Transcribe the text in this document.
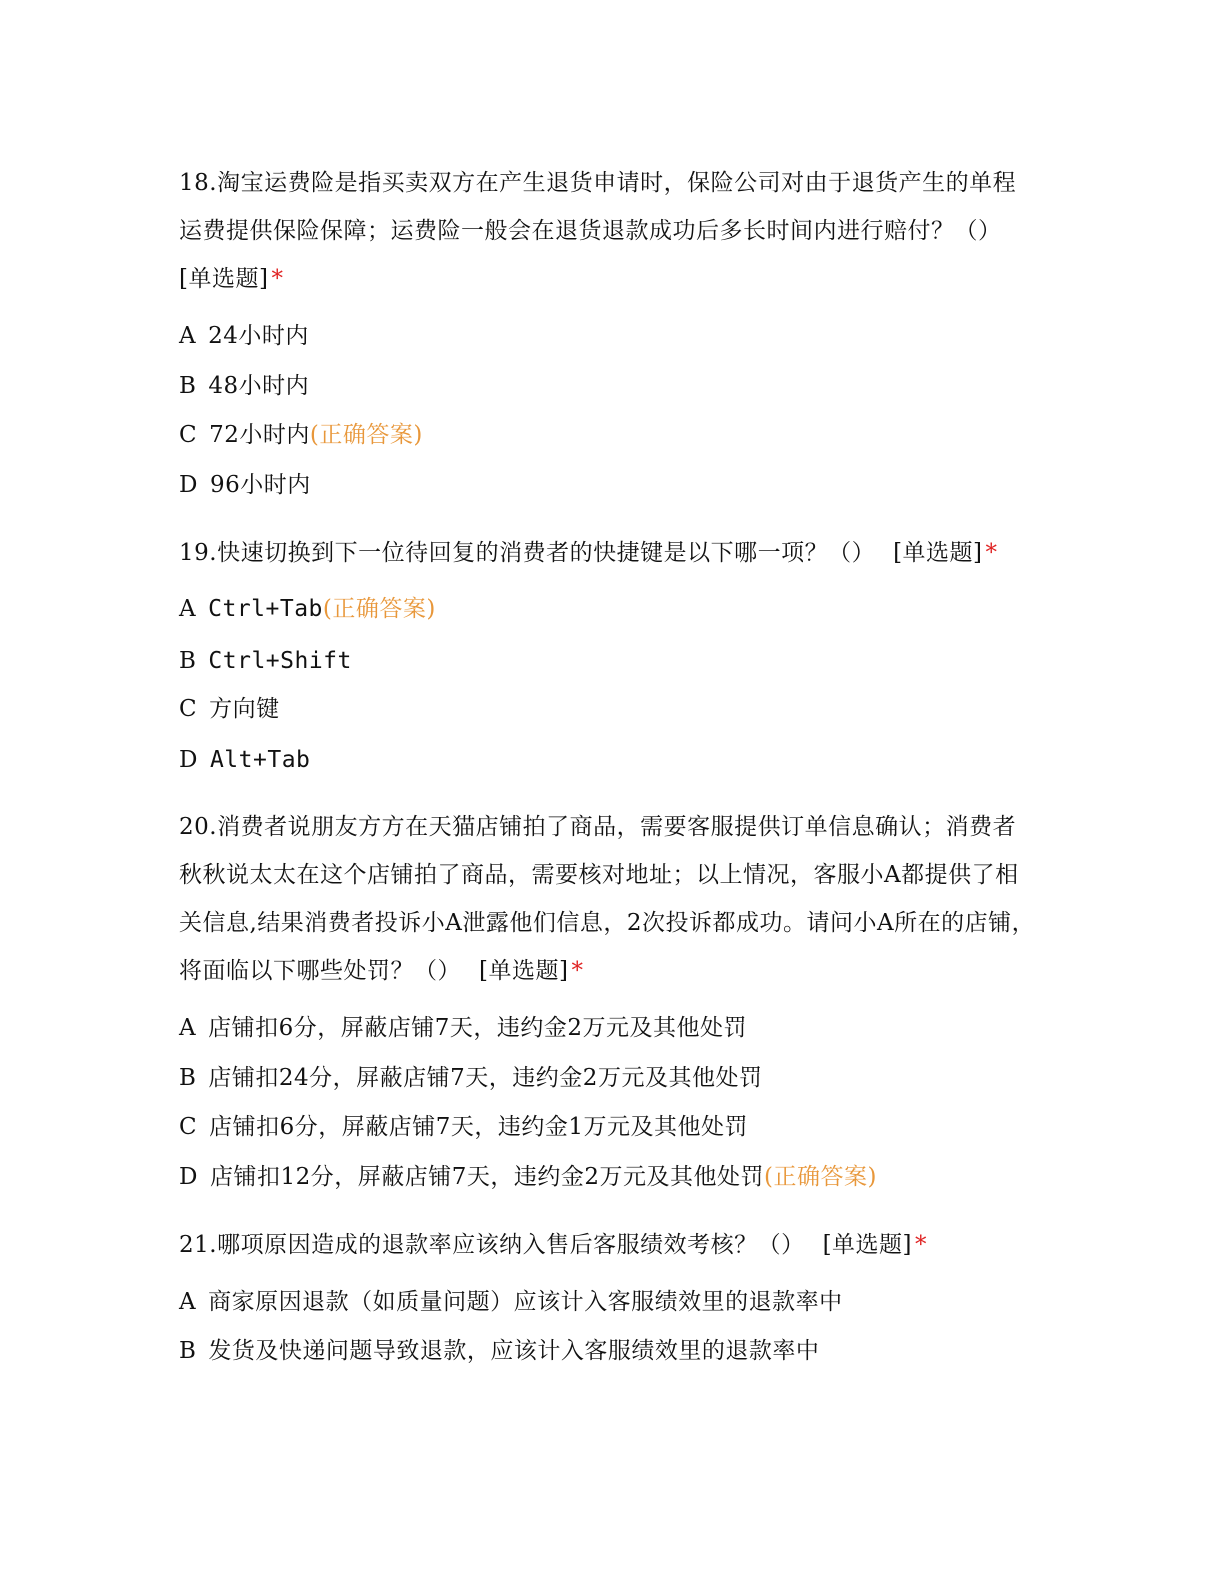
18.淘宝运费险是指买卖双方在产生退货申请时，保险公司对由于退货产生的单程运费提供保险保障；运费险一般会在退货退款成功后多长时间内进行赔付？（）
[单选题] *
A 24小时内
B 48小时内
C 72小时内(正确答案)
D 96小时内
19.快速切换到下一位待回复的消费者的快捷键是以下哪一项？（） [单选题] *
A Ctrl+Tab(正确答案)
B Ctrl+Shift
C 方向键
D Alt+Tab
20.消费者说朋友方方在天猫店铺拍了商品，需要客服提供订单信息确认；消费者秋秋说太太在这个店铺拍了商品，需要核对地址；以上情况，客服小A都提供了相关信息,结果消费者投诉小A泄露他们信息，2次投诉都成功。请问小A所在的店铺，将面临以下哪些处罚？（） [单选题] *
A 店铺扣6分，屏蔽店铺7天，违约金2万元及其他处罚
B 店铺扣24分，屏蔽店铺7天，违约金2万元及其他处罚
C 店铺扣6分，屏蔽店铺7天，违约金1万元及其他处罚
D 店铺扣12分，屏蔽店铺7天，违约金2万元及其他处罚(正确答案)
21.哪项原因造成的退款率应该纳入售后客服绩效考核？（） [单选题] *
A 商家原因退款（如质量问题）应该计入客服绩效里的退款率中
B 发货及快递问题导致退款，应该计入客服绩效里的退款率中
